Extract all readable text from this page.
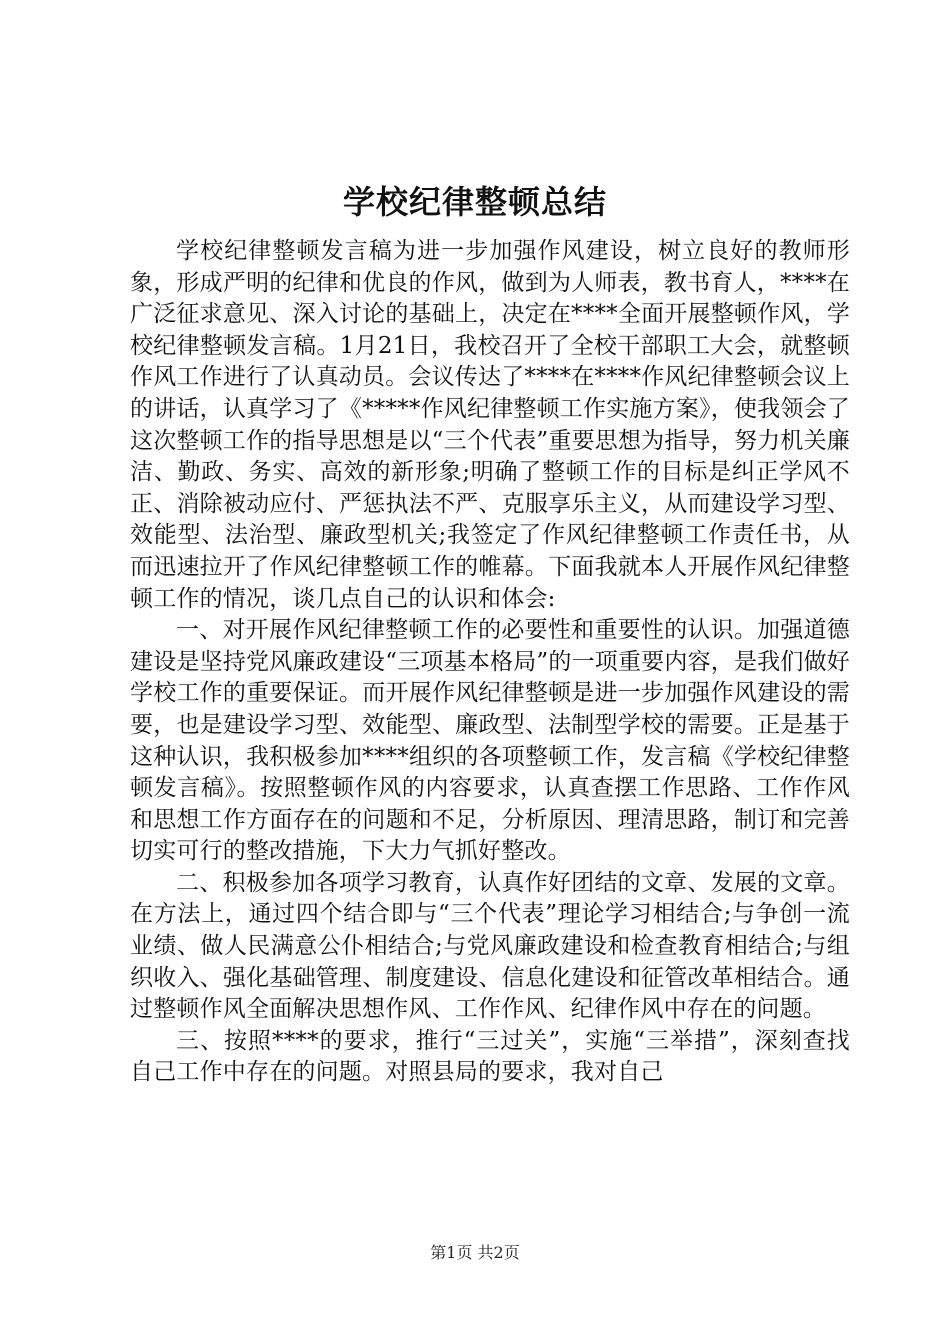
学校纪律整顿总结

学校纪律整顿发言稿为进一步加强作风建设，树立良好的教师形象，形成严明的纪律和优良的作风，做到为人师表，教书育人，****在广泛征求意见、深入讨论的基础上，决定在****全面开展整顿作风，学校纪律整顿发言稿。1月21日，我校召开了全校干部职工大会，就整顿作风工作进行了认真动员。会议传达了****在****作风纪律整顿会议上的讲话，认真学习了《*****作风纪律整顿工作实施方案》，使我领会了这次整顿工作的指导思想是以“三个代表”重要思想为指导，努力机关廉洁、勤政、务实、高效的新形象;明确了整顿工作的目标是纠正学风不正、消除被动应付、严惩执法不严、克服享乐主义，从而建设学习型、效能型、法治型、廉政型机关;我签定了作风纪律整顿工作责任书，从而迅速拉开了作风纪律整顿工作的帷幕。下面我就本人开展作风纪律整顿工作的情况，谈几点自己的认识和体会:

一、对开展作风纪律整顿工作的必要性和重要性的认识。加强道德建设是坚持党风廉政建设“三项基本格局”的一项重要内容，是我们做好学校工作的重要保证。而开展作风纪律整顿是进一步加强作风建设的需要，也是建设学习型、效能型、廉政型、法制型学校的需要。正是基于这种认识，我积极参加****组织的各项整顿工作，发言稿《学校纪律整顿发言稿》。按照整顿作风的内容要求，认真查摆工作思路、工作作风和思想工作方面存在的问题和不足，分析原因、理清思路，制订和完善切实可行的整改措施，下大力气抓好整改。

二、积极参加各项学习教育，认真作好团结的文章、发展的文章。在方法上，通过四个结合即与“三个代表”理论学习相结合;与争创一流业绩、做人民满意公仆相结合;与党风廉政建设和检查教育相结合;与组织收入、强化基础管理、制度建设、信息化建设和征管改革相结合。通过整顿作风全面解决思想作风、工作作风、纪律作风中存在的问题。

三、按照****的要求，推行“三过关”，实施“三举措”，深刻查找自己工作中存在的问题。对照县局的要求，我对自己

第1页 共2页
